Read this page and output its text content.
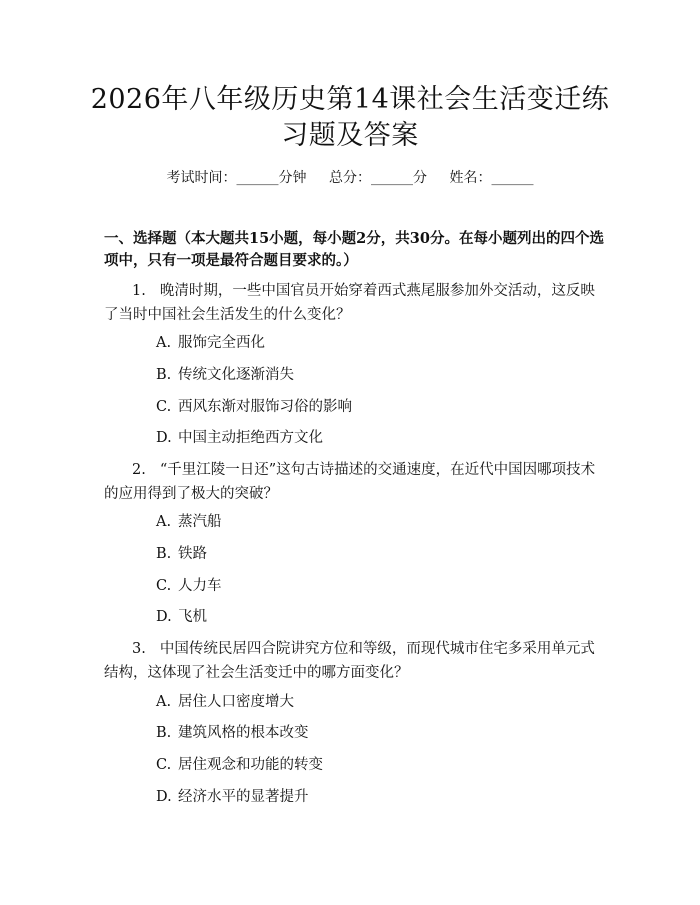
2026年八年级历史第14课社会生活变迁练习题及答案
考试时间：______分钟 总分：______分 姓名：______

一、选择题（本大题共15小题，每小题2分，共30分。在每小题列出的四个选项中，只有一项是最符合题目要求的。）

1. 晚清时期，一些中国官员开始穿着西式燕尾服参加外交活动，这反映了当时中国社会生活发生的什么变化？

A. 服饰完全西化

B. 传统文化逐渐消失

C. 西风东渐对服饰习俗的影响

D. 中国主动拒绝西方文化

2. “千里江陵一日还”这句古诗描述的交通速度，在近代中国因哪项技术的应用得到了极大的突破？

A. 蒸汽船

B. 铁路

C. 人力车

D. 飞机

3. 中国传统民居四合院讲究方位和等级，而现代城市住宅多采用单元式结构，这体现了社会生活变迁中的哪方面变化？

A. 居住人口密度增大

B. 建筑风格的根本改变

C. 居住观念和功能的转变

D. 经济水平的显著提升
